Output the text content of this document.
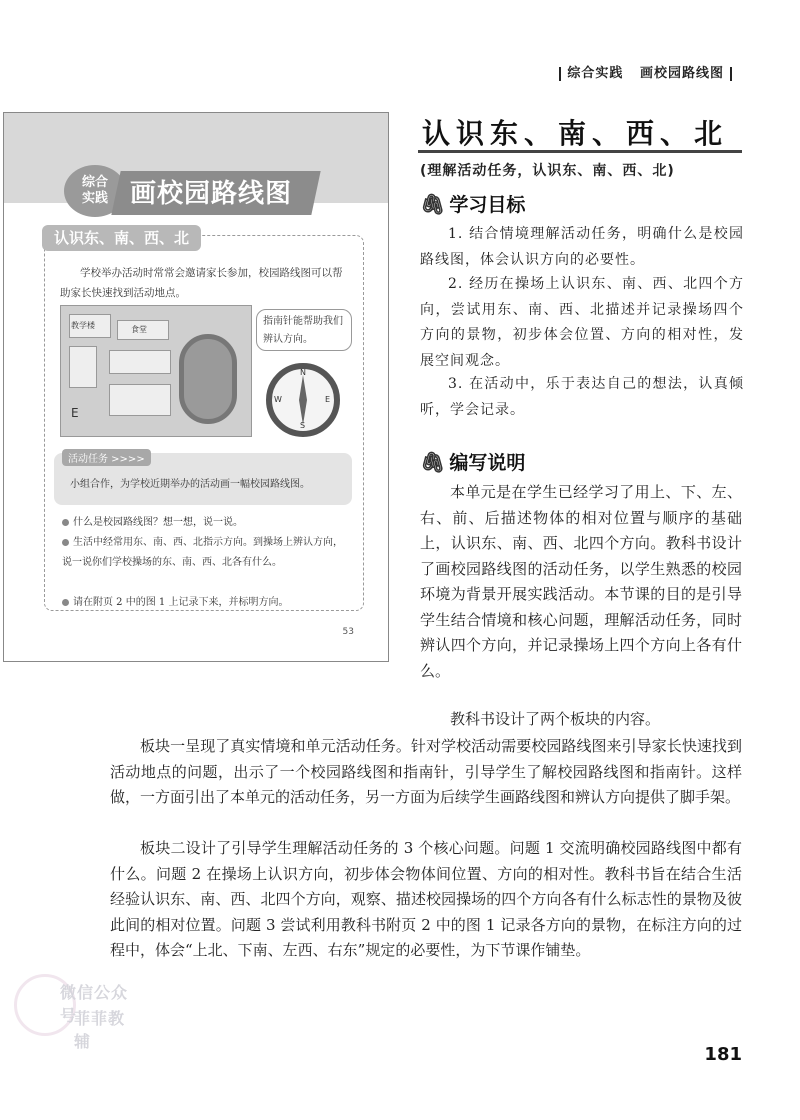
综合实践 画校园路线图
综合
实践 画校园路线图
认识东、南、西、北
学校举办活动时常常会邀请家长参加，校园路线图可以帮助家长快速找到活动地点。
教学楼	食堂
E
指南针能帮助我们辨认方向。
N
S
E
W
活动任务 >>>>
小组合作，为学校近期举办的活动画一幅校园路线图。
什么是校园路线图？想一想，说一说。
生活中经常用东、南、西、北指示方向。到操场上辨认方向，说一说你们学校操场的东、南、西、北各有什么。
请在附页 2 中的图 1 上记录下来，并标明方向。
53
认识东、南、西、北
(理解活动任务，认识东、南、西、北)
🖇 学习目标
1. 结合情境理解活动任务，明确什么是校园路线图，体会认识方向的必要性。
2. 经历在操场上认识东、南、西、北四个方向，尝试用东、南、西、北描述并记录操场四个方向的景物，初步体会位置、方向的相对性，发展空间观念。
3. 在活动中，乐于表达自己的想法，认真倾听，学会记录。
🖇 编写说明
本单元是在学生已经学习了用上、下、左、右、前、后描述物体的相对位置与顺序的基础上，认识东、南、西、北四个方向。教科书设计了画校园路线图的活动任务，以学生熟悉的校园环境为背景开展实践活动。本节课的目的是引导学生结合情境和核心问题，理解活动任务，同时辨认四个方向，并记录操场上四个方向上各有什么。
教科书设计了两个板块的内容。
板块一呈现了真实情境和单元活动任务。针对学校活动需要校园路线图来引导家长快速找到活动地点的问题，出示了一个校园路线图和指南针，引导学生了解校园路线图和指南针。这样做，一方面引出了本单元的活动任务，另一方面为后续学生画路线图和辨认方向提供了脚手架。
板块二设计了引导学生理解活动任务的 3 个核心问题。问题 1 交流明确校园路线图中都有什么。问题 2 在操场上认识方向，初步体会物体间位置、方向的相对性。教科书旨在结合生活经验认识东、南、西、北四个方向，观察、描述校园操场的四个方向各有什么标志性的景物及彼此间的相对位置。问题 3 尝试利用教科书附页 2 中的图 1 记录各方向的景物，在标注方向的过程中，体会“上北、下南、左西、右东”规定的必要性，为下节课作铺垫。
微信公众号
菲菲教辅
181
